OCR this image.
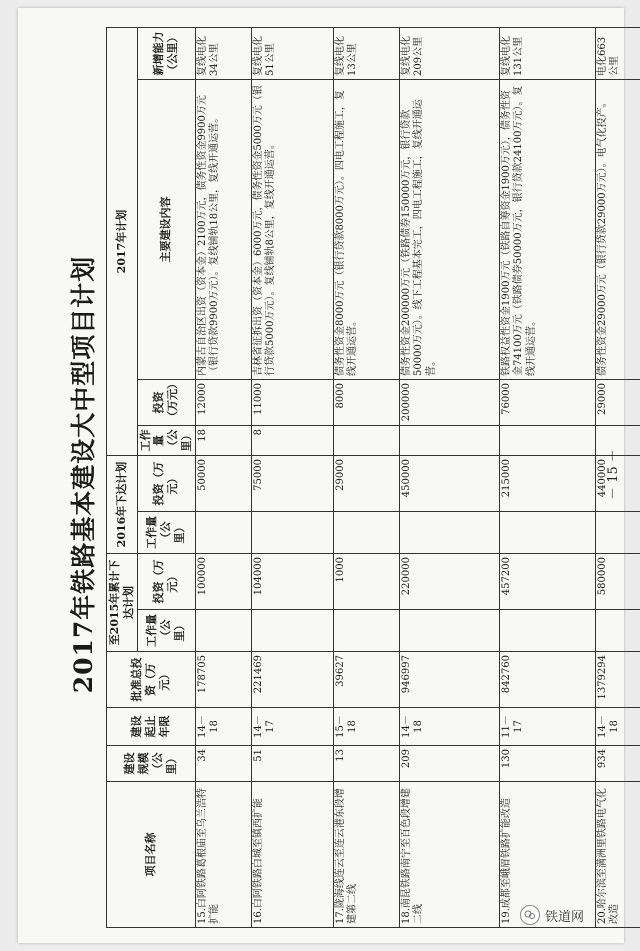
2017年铁路基本建设大中型项目计划
项目名称	建设规模（公里）	建设起止年限	批准总投资（万元）	至2015年累计下达计划		2016年下达计划		2017年计划			
				工作量（公里）	投资（万元）	工作量（公里）	投资（万元）	工作量（公里）	投资（万元）	主要建设内容	新增能力（公里）
15.白阿铁路葛根庙至乌兰浩特扩能	34	14－18	178705		100000		50000	18	12000	内蒙古自治区出资（资本金）2100万元，债务性资金9900万元（银行贷款9900万元）。复线铺轨18公里，复线开通运营。	复线电化34公里
16.白阿铁路白城至镇西扩能	51	14－17	221469		104000		75000	8	11000	吉林省征拆出资（资本金）6000万元，债务性资金5000万元（银行贷款5000万元）。复线铺轨8公里，复线开通运营。	复线电化51公里
17.陇海线连云至连云港东段增建第二线	13	15－18	39627		1000		29000		8000	债务性资金8000万元（银行贷款8000万元）。四电工程施工，复线开通运营。	复线电化13公里
18.南昆铁路南宁至百色段增建二线	209	14－18	946997		220000		450000		200000	债务性资金200000万元（铁路债券150000万元，银行贷款50000万元）。线下工程基本完工，四电工程施工，复线开通运营。	复线电化209公里
19.成都至峨眉铁路扩能改造	130	11－17	842760		457200		215000		76000	铁路权益性资金1900万元（铁路自筹资金1900万元），债务性资金74100万元（铁路债券50000万元，银行贷款24100万元）。复线开通运营。	复线电化131公里
20.哈尔滨至满洲里铁路电气化改造	934	14－18	1379294		580000		440000		29000	债务性资金29000万元（银行贷款29000万元）。电气化投产。	电化663公里
－ 15 －
铁道网
